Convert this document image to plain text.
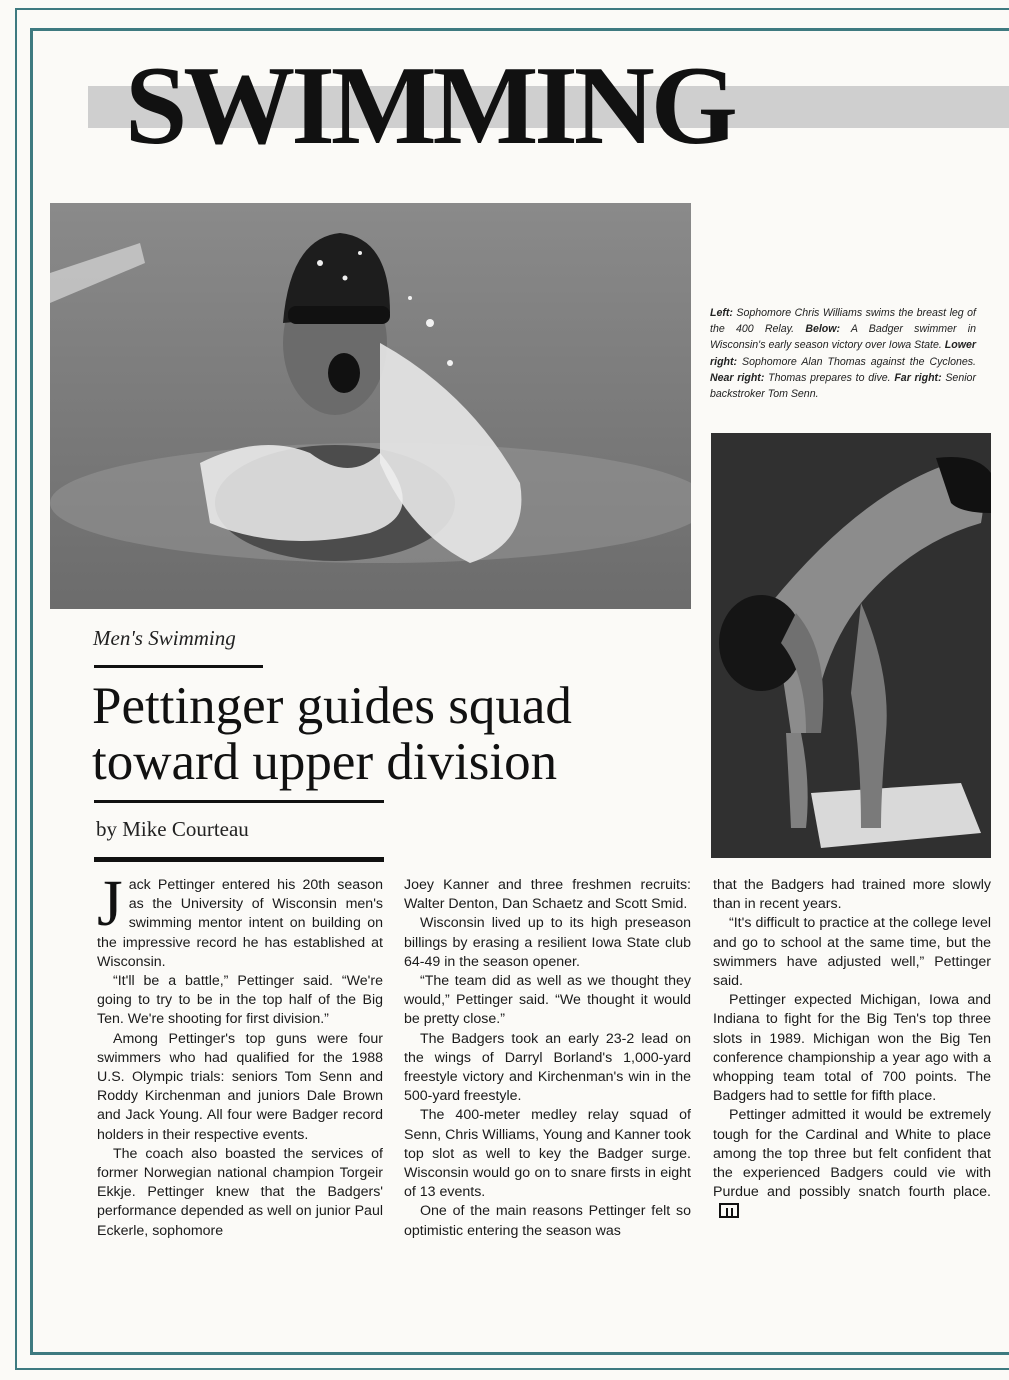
SWIMMING

Left: Sophomore Chris Williams swims the breast leg of the 400 Relay. Below: A Badger swimmer in Wisconsin's early season victory over Iowa State. Lower right: Sophomore Alan Thomas against the Cyclones. Near right: Thomas prepares to dive. Far right: Senior backstroker Tom Senn.

Men's Swimming

Pettinger guides squad
toward upper division

by Mike Courteau

Jack Pettinger entered his 20th season as the University of Wisconsin men's swimming mentor intent on building on the impressive record he has established at Wisconsin.

“It'll be a battle,” Pettinger said. “We're going to try to be in the top half of the Big Ten. We're shooting for first division.”

Among Pettinger's top guns were four swimmers who had qualified for the 1988 U.S. Olympic trials: seniors Tom Senn and Roddy Kirchenman and juniors Dale Brown and Jack Young. All four were Badger record holders in their respective events.

The coach also boasted the services of former Norwegian national champion Torgeir Ekkje. Pettinger knew that the Badgers' performance depended as well on junior Paul Eckerle, sophomore

Joey Kanner and three freshmen recruits: Walter Denton, Dan Schaetz and Scott Smid.

Wisconsin lived up to its high preseason billings by erasing a resilient Iowa State club 64-49 in the season opener.

“The team did as well as we thought they would,” Pettinger said. “We thought it would be pretty close.”

The Badgers took an early 23-2 lead on the wings of Darryl Borland's 1,000-yard freestyle victory and Kirchenman's win in the 500-yard freestyle.

The 400-meter medley relay squad of Senn, Chris Williams, Young and Kanner took top slot as well to key the Badger surge. Wisconsin would go on to snare firsts in eight of 13 events.

One of the main reasons Pettinger felt so optimistic entering the season was

that the Badgers had trained more slowly than in recent years.

“It's difficult to practice at the college level and go to school at the same time, but the swimmers have adjusted well,” Pettinger said.

Pettinger expected Michigan, Iowa and Indiana to fight for the Big Ten's top three slots in 1989. Michigan won the Big Ten conference championship a year ago with a whopping team total of 700 points. The Badgers had to settle for fifth place.

Pettinger admitted it would be extremely tough for the Cardinal and White to place among the top three but felt confident that the experienced Badgers could vie with Purdue and possibly snatch fourth place.
